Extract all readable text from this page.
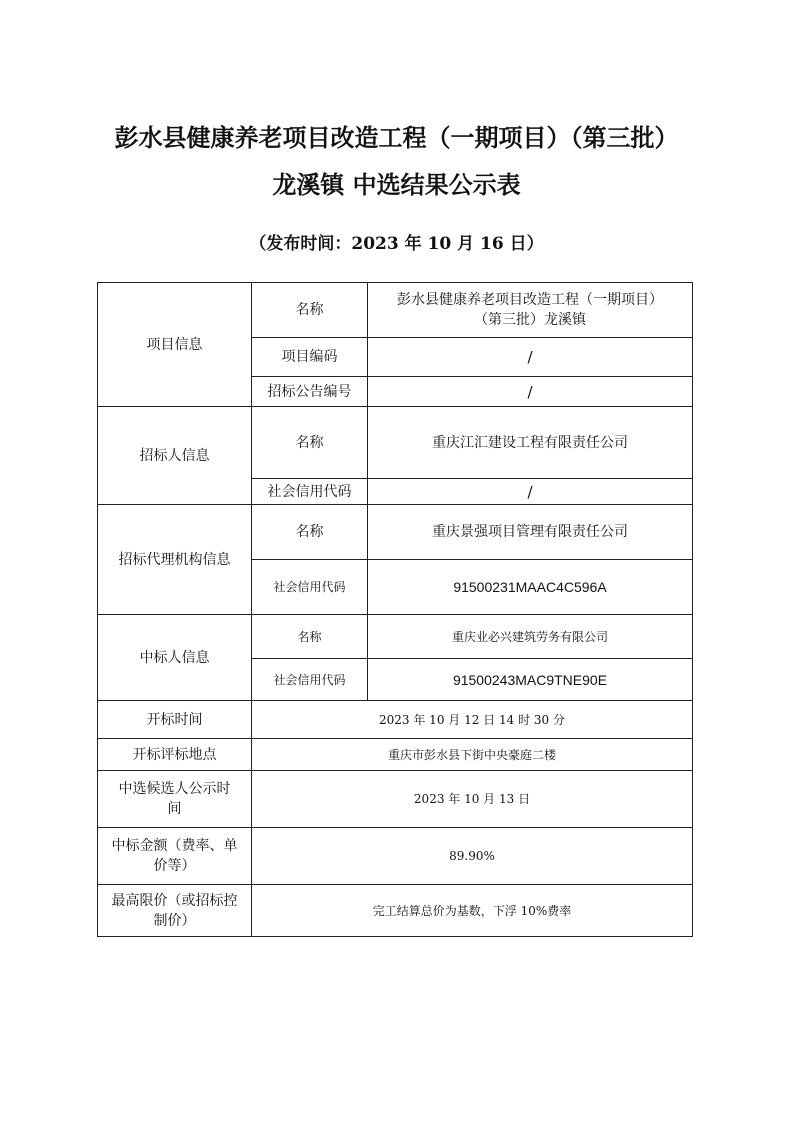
彭水县健康养老项目改造工程（一期项目）（第三批）
龙溪镇 中选结果公示表
（发布时间：2023 年 10 月 16 日）
项目信息	名称	彭水县健康养老项目改造工程（一期项目）
（第三批）龙溪镇

	项目编码	/
	招标公告编号	/
招标人信息	名称	重庆江汇建设工程有限责任公司
	社会信用代码	/
招标代理机构信息	名称	重庆景强项目管理有限责任公司
	社会信用代码	91500231MAAC4C596A
中标人信息	名称	重庆业必兴建筑劳务有限公司
	社会信用代码	91500243MAC9TNE90E
开标时间	2023 年 10 月 12 日 14 时 30 分	
开标评标地点	重庆市彭水县下街中央豪庭二楼	

中选候选人公示时
间	2023 年 10 月 13 日	

中标金额（费率、单
价等）	89.90%	

最高限价（或招标控
制价）	完工结算总价为基数，下浮 10%费率	
